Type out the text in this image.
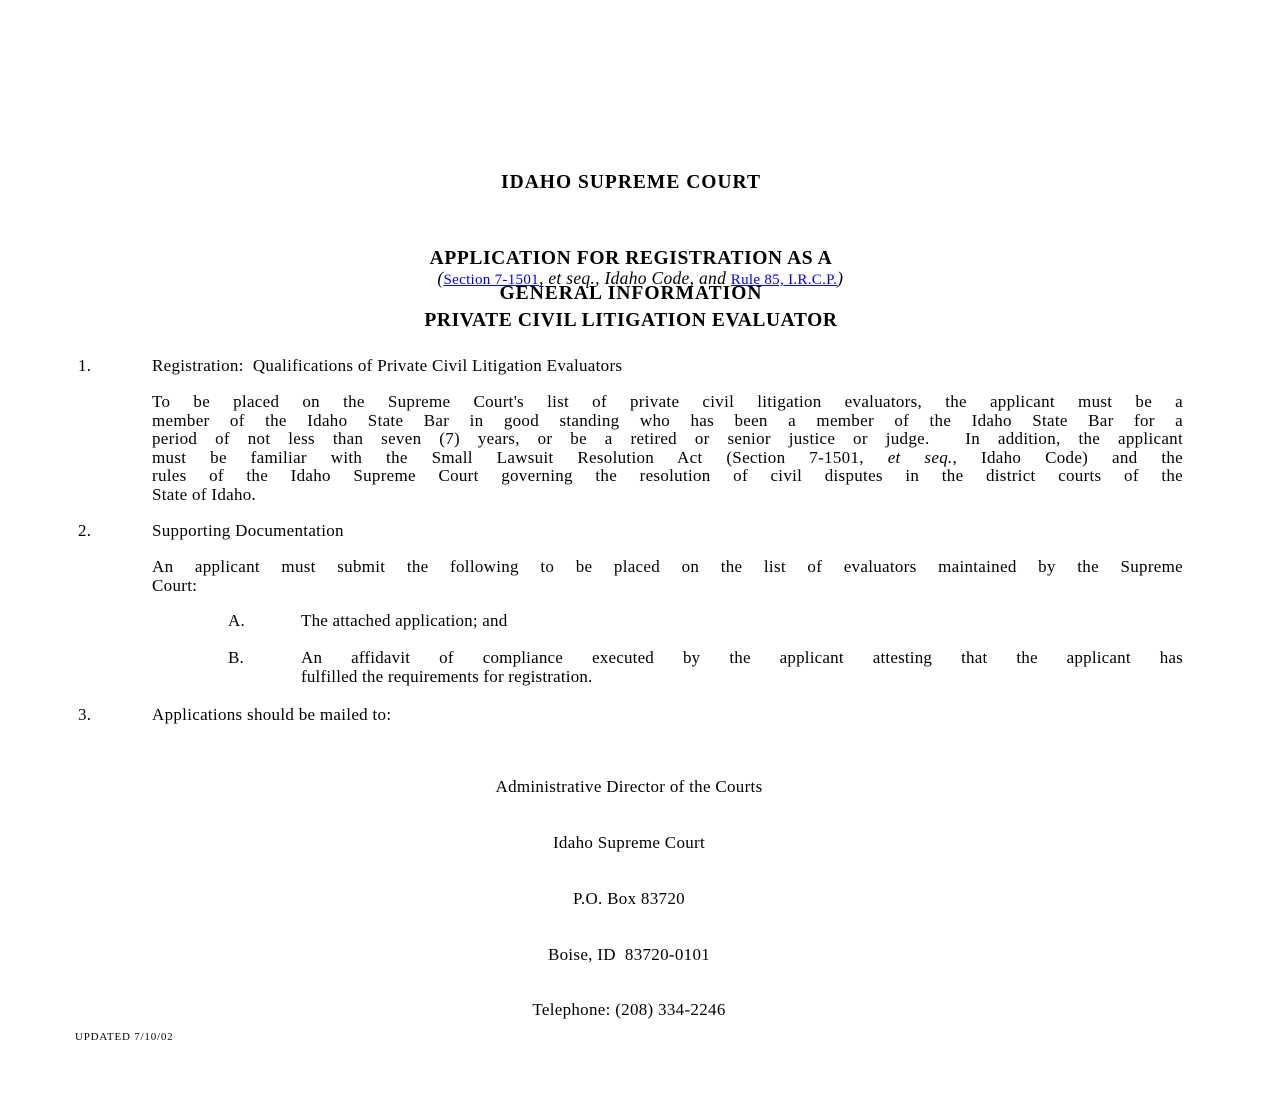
IDAHO SUPREME COURT

APPLICATION FOR REGISTRATION AS A

PRIVATE CIVIL LITIGATION EVALUATOR

(Section 7-1501, et seq., Idaho Code, and Rule 85, I.R.C.P.)

GENERAL INFORMATION
1.	Registration:  Qualifications of Private Civil Litigation Evaluators
To be placed on the Supreme Court's list of private civil litigation evaluators, the applicant must be a
member of the Idaho State Bar in good standing who has been a member of the Idaho State Bar for a
period of not less than seven (7) years, or be a retired or senior justice or judge.  In addition, the applicant
must be familiar with the Small Lawsuit Resolution Act (Section 7-1501, et seq., Idaho Code) and the
rules of the Idaho Supreme Court governing the resolution of civil disputes in the district courts of the
State of Idaho.
2.	Supporting Documentation
An applicant must submit the following to be placed on the list of evaluators maintained by the Supreme
Court:
A.	The attached application; and
B.	An affidavit of compliance executed by the applicant attesting that the applicant has
fulfilled the requirements for registration.
3.	Applications should be mailed to:

Administrative Director of the Courts

Idaho Supreme Court

P.O. Box 83720

Boise, ID  83720-0101

Telephone: (208) 334-2246

UPDATED 7/10/02
